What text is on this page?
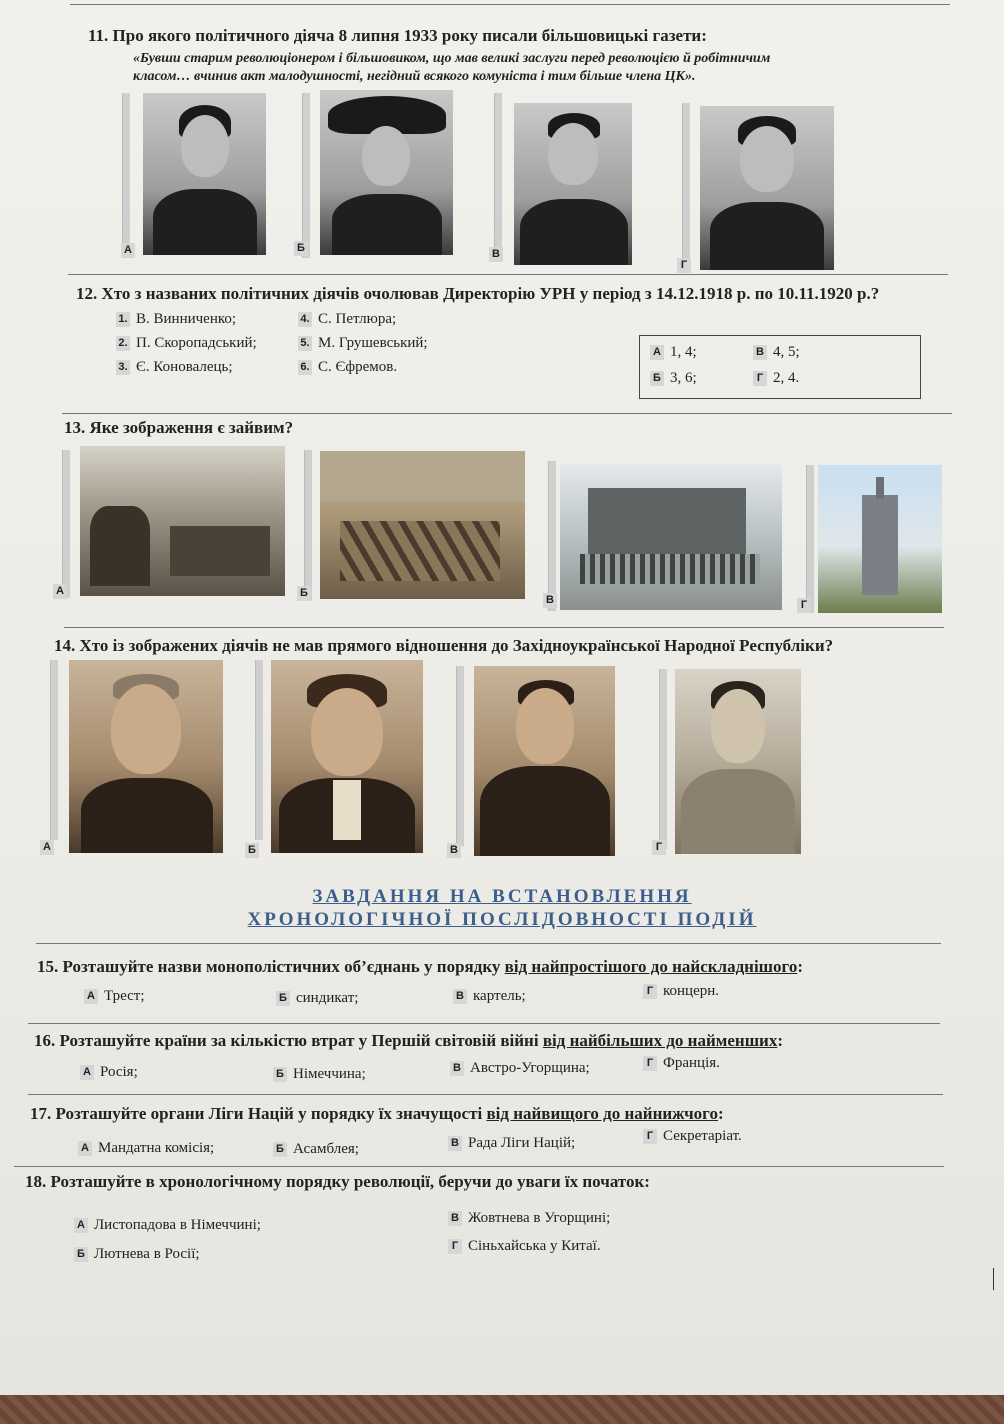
11. Про якого політичного діяча 8 липня 1933 року писали більшовицькі газети:
«Бувши старим революціонером і більшовиком, що мав великі заслуги перед революцією й робітничим
класом… вчинив акт малодушності, негідний всякого комуніста і тим більше члена ЦК».
А	Б	В
Г
12. Хто з названих політичних діячів очолював Директорію УРН у період з 14.12.1918 р. по 10.11.1920 р.?
1. В. Винниченко;
2. П. Скоропадський;
3. Є. Коновалець;
4. С. Петлюра;
5. М. Грушевський;
6. С. Єфремов.
А 1, 4;	В 4, 5;
Б 3, 6;	Г 2, 4.
13. Яке зображення є зайвим?
А	Б
В	Г
14. Хто із зображених діячів не мав прямого відношення до Західноукраїнської Народної Республіки?
А	Б	В	Г
ЗАВДАННЯ НА ВСТАНОВЛЕННЯ
ХРОНОЛОГІЧНОЇ ПОСЛІДОВНОСТІ ПОДІЙ
15. Розташуйте назви монополістичних об’єднань у порядку від найпростішого до найскладнішого:
А Трест;	Б синдикат;	В картель;	Г концерн.
16. Розташуйте країни за кількістю втрат у Першій світовій війні від найбільших до найменших:
А Росія;	Б Німеччина;	В Австро-Угорщина;	Г Франція.
17. Розташуйте органи Ліги Націй у порядку їх значущості від найвищого до найнижчого:
А Мандатна комісія;	Б Асамблея;	В Рада Ліги Націй;	Г Секретаріат.
18. Розташуйте в хронологічному порядку революції, беручи до уваги їх початок:
А Листопадова в Німеччині;
Б Лютнева в Росії;
В Жовтнева в Угорщині;
Г Сіньхайська у Китаї.
